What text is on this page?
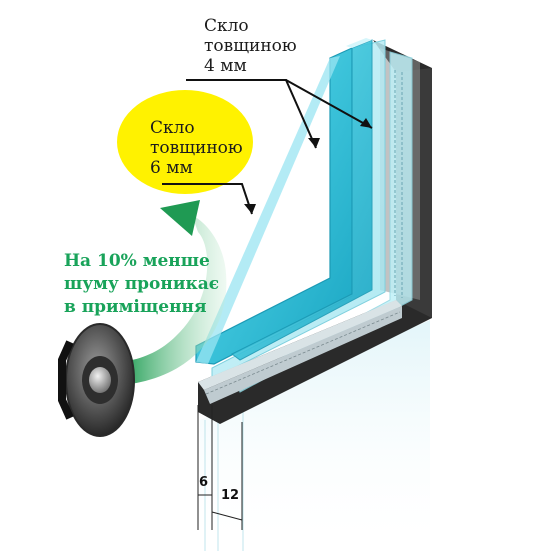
Скло
товщиною
4 мм
Скло
товщиною
6 мм
На 10% менше
шуму проникає
в приміщення
6
12
